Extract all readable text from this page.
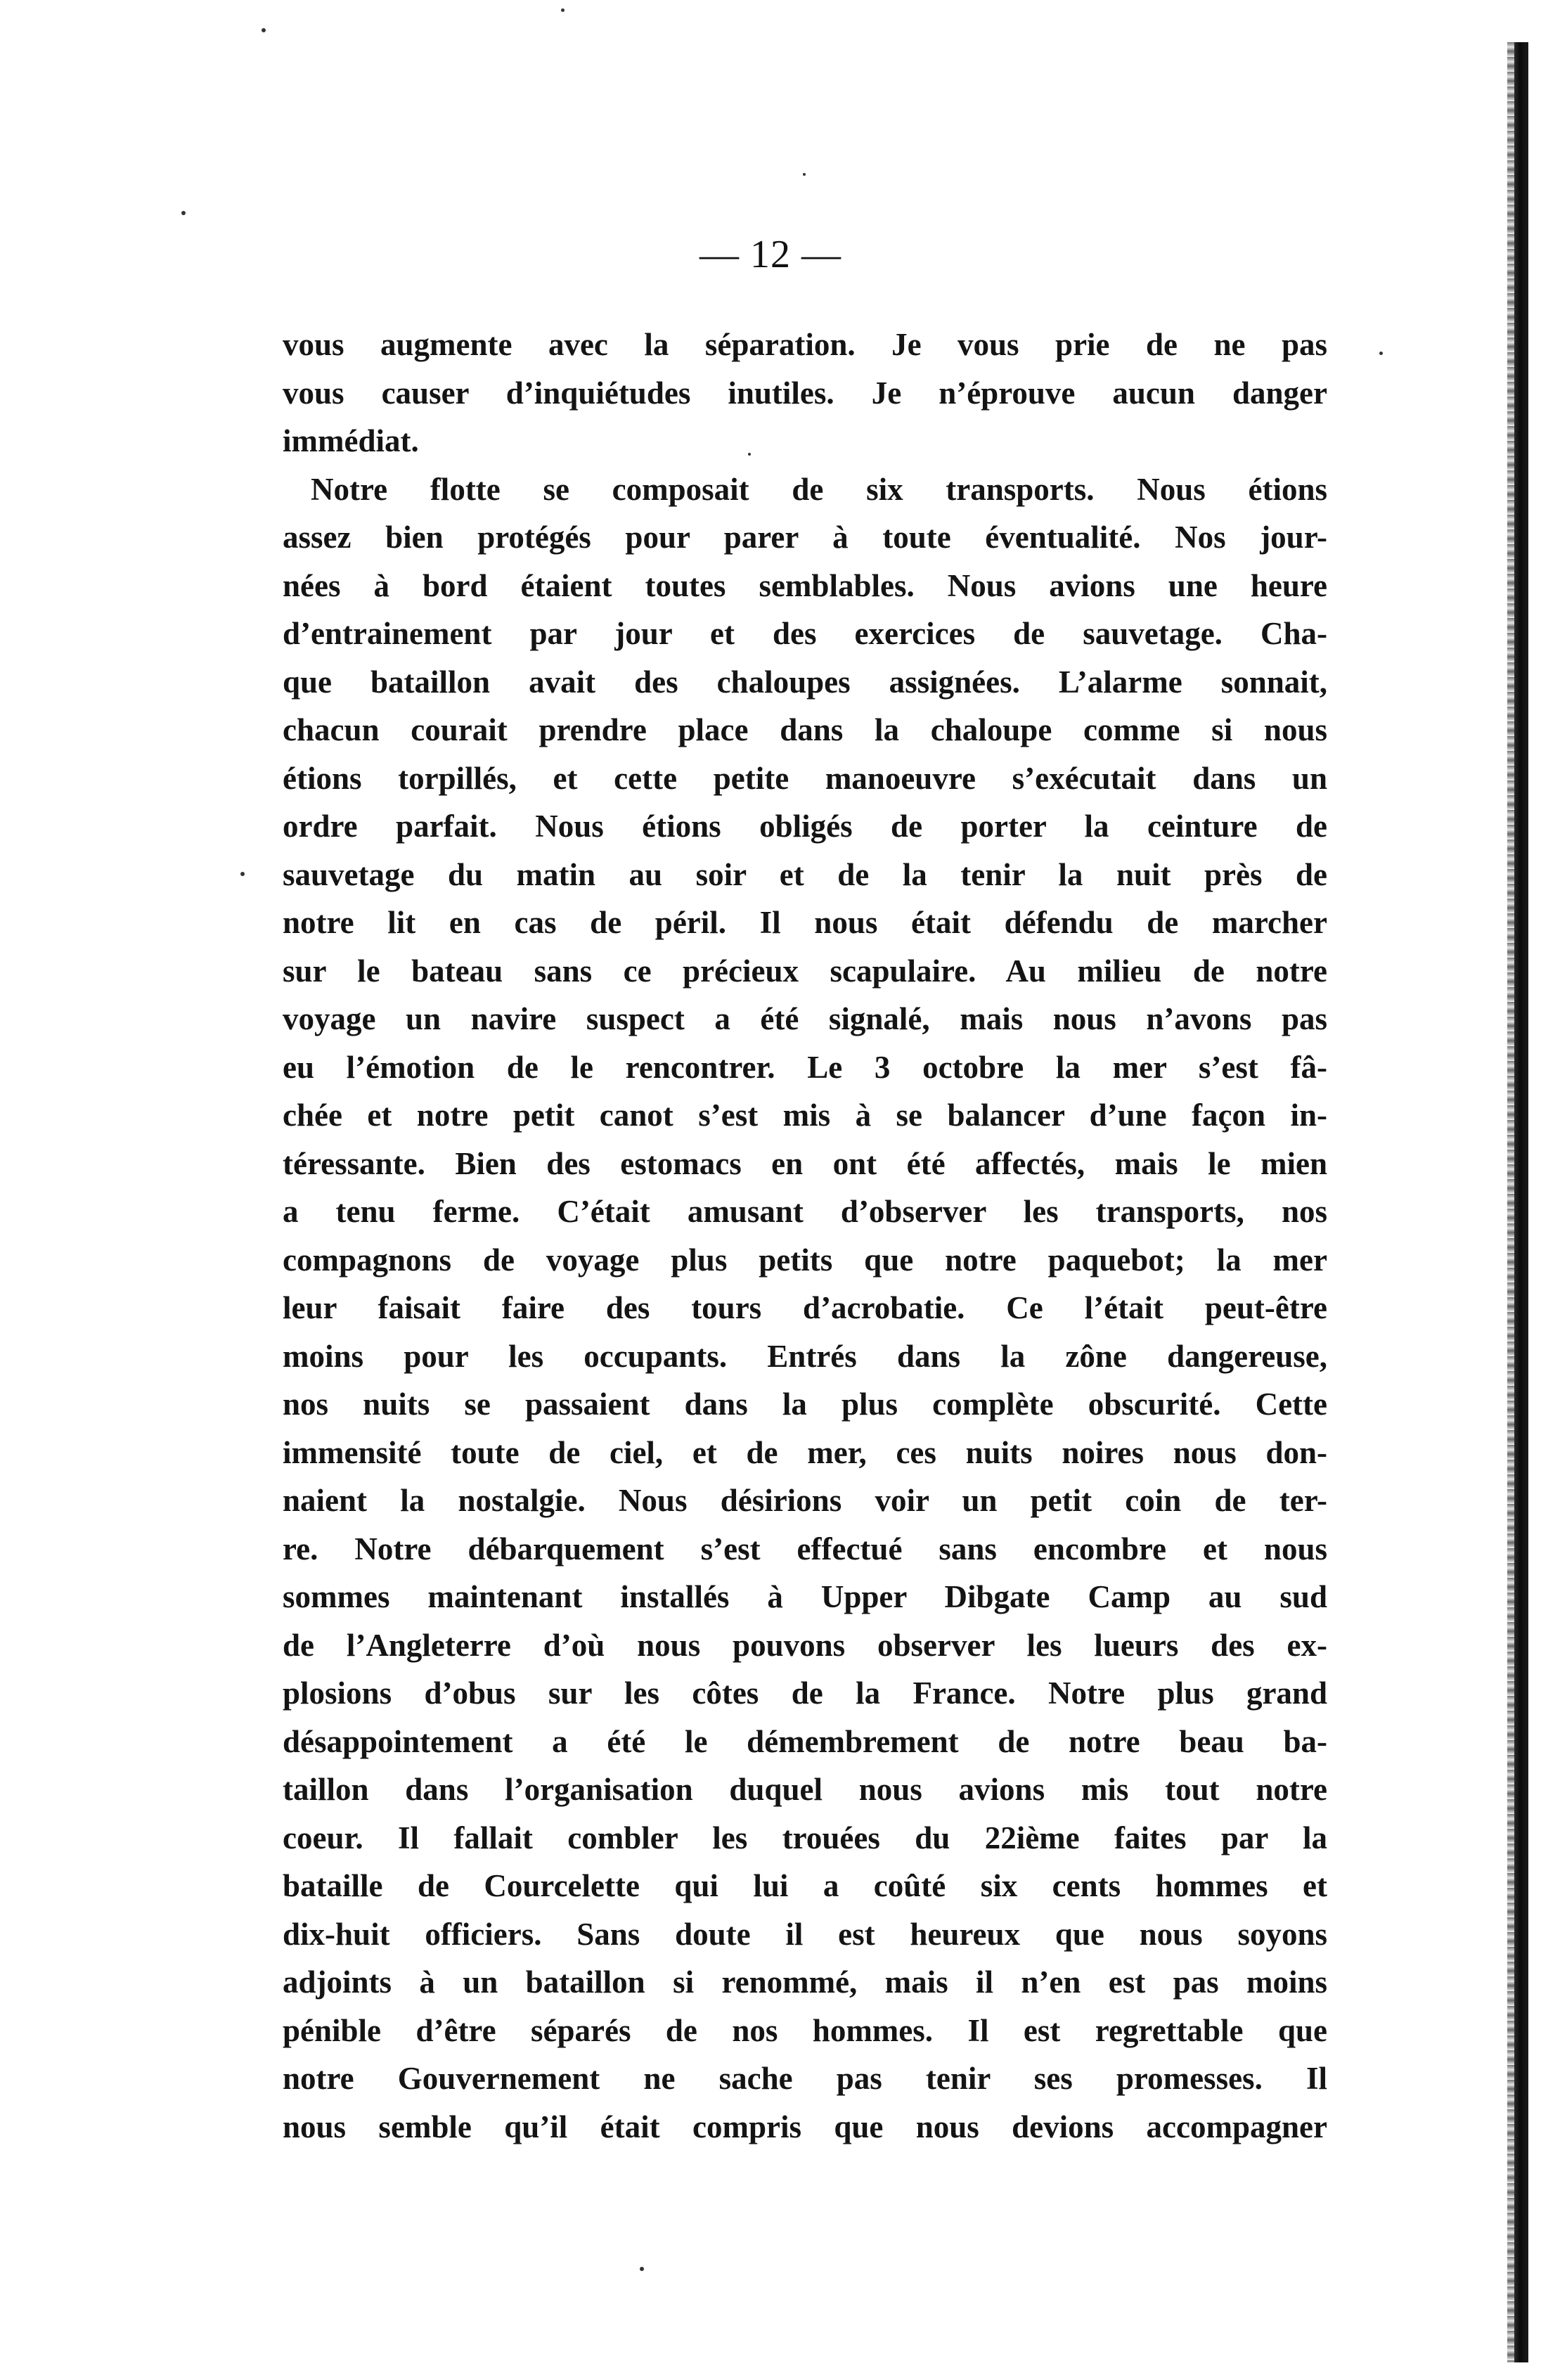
— 12 —
vous augmente avec la séparation. Je vous prie de ne pas
vous causer d’inquiétudes inutiles. Je n’éprouve aucun danger
immédiat.
Notre flotte se composait de six transports. Nous étions
assez bien protégés pour parer à toute éventualité. Nos jour-
nées à bord étaient toutes semblables. Nous avions une heure
d’entrainement par jour et des exercices de sauvetage. Cha-
que bataillon avait des chaloupes assignées. L’alarme sonnait,
chacun courait prendre place dans la chaloupe comme si nous
étions torpillés, et cette petite manoeuvre s’exécutait dans un
ordre parfait. Nous étions obligés de porter la ceinture de
sauvetage du matin au soir et de la tenir la nuit près de
notre lit en cas de péril. Il nous était défendu de marcher
sur le bateau sans ce précieux scapulaire. Au milieu de notre
voyage un navire suspect a été signalé, mais nous n’avons pas
eu l’émotion de le rencontrer. Le 3 octobre la mer s’est fâ-
chée et notre petit canot s’est mis à se balancer d’une façon in-
téressante. Bien des estomacs en ont été affectés, mais le mien
a tenu ferme. C’était amusant d’observer les transports, nos
compagnons de voyage plus petits que notre paquebot; la mer
leur faisait faire des tours d’acrobatie. Ce l’était peut-être
moins pour les occupants. Entrés dans la zône dangereuse,
nos nuits se passaient dans la plus complète obscurité. Cette
immensité toute de ciel, et de mer, ces nuits noires nous don-
naient la nostalgie. Nous désirions voir un petit coin de ter-
re. Notre débarquement s’est effectué sans encombre et nous
sommes maintenant installés à Upper Dibgate Camp au sud
de l’Angleterre d’où nous pouvons observer les lueurs des ex-
plosions d’obus sur les côtes de la France. Notre plus grand
désappointement a été le démembrement de notre beau ba-
taillon dans l’organisation duquel nous avions mis tout notre
coeur. Il fallait combler les trouées du 22ième faites par la
bataille de Courcelette qui lui a coûté six cents hommes et
dix-huit officiers. Sans doute il est heureux que nous soyons
adjoints à un bataillon si renommé, mais il n’en est pas moins
pénible d’être séparés de nos hommes. Il est regrettable que
notre Gouvernement ne sache pas tenir ses promesses. Il
nous semble qu’il était compris que nous devions accompagner
